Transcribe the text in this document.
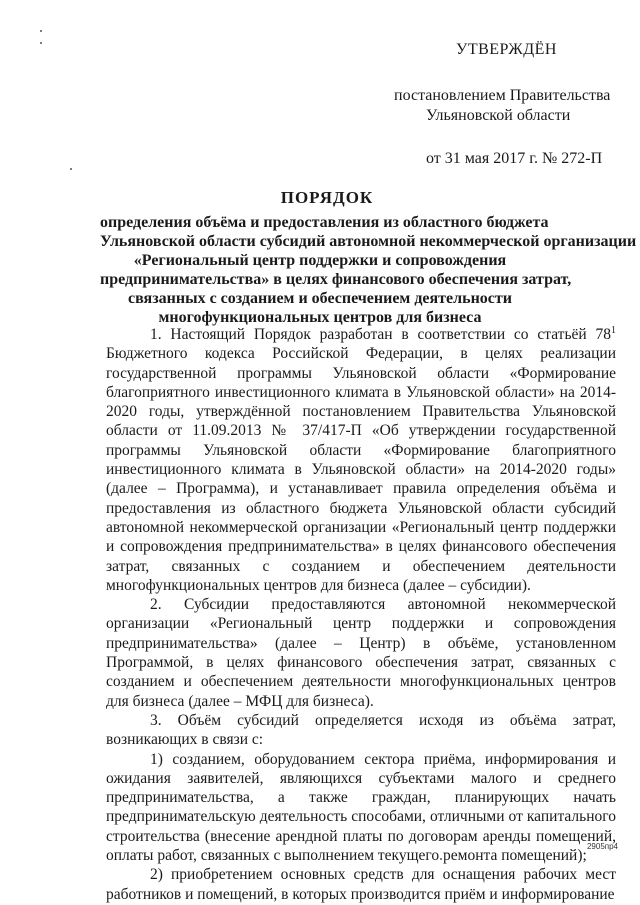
УТВЕРЖДЁН
постановлением Правительства
Ульяновской области
от 31 мая 2017 г. № 272-П
ПОРЯДОК
определения объёма и предоставления из областного бюджета
Ульяновской области субсидий автономной некоммерческой организации
«Региональный центр поддержки и сопровождения
предпринимательства» в целях финансового обеспечения затрат,
связанных с созданием и обеспечением деятельности
многофункциональных центров для бизнеса

1. Настоящий Порядок разработан в соответствии со статьёй $78^1$ Бюджетного кодекса Российской Федерации, в целях реализации государственной программы Ульяновской области «Формирование благоприятного инвестиционного климата в Ульяновской области» на 2014-2020 годы, утверждённой постановлением Правительства Ульяновской области от 11.09.2013 № 37/417-П «Об утверждении государственной программы Ульяновской области «Формирование благоприятного инвестиционного климата в Ульяновской области» на 2014-2020 годы» (далее – Программа), и устанавливает правила определения объёма и предоставления из областного бюджета Ульяновской области субсидий автономной некоммерческой организации «Региональный центр поддержки и сопровождения предпринимательства» в целях финансового обеспечения затрат, связанных с созданием и обеспечением деятельности многофункциональных центров для бизнеса (далее – субсидии).

2. Субсидии предоставляются автономной некоммерческой организации «Региональный центр поддержки и сопровождения предпринимательства» (далее – Центр) в объёме, установленном Программой, в целях финансового обеспечения затрат, связанных с созданием и обеспечением деятельности многофункциональных центров для бизнеса (далее – МФЦ для бизнеса).

3. Объём субсидий определяется исходя из объёма затрат, возникающих в связи с:

1) созданием, оборудованием сектора приёма, информирования и ожидания заявителей, являющихся субъектами малого и среднего предпринимательства, а также граждан, планирующих начать предпринимательскую деятельность способами, отличными от капитального строительства (внесение арендной платы по договорам аренды помещений, оплаты работ, связанных с выполнением текущего ремонта помещений);

2) приобретением основных средств для оснащения рабочих мест работников и помещений, в которых производится приём и информирование

2905пр4
